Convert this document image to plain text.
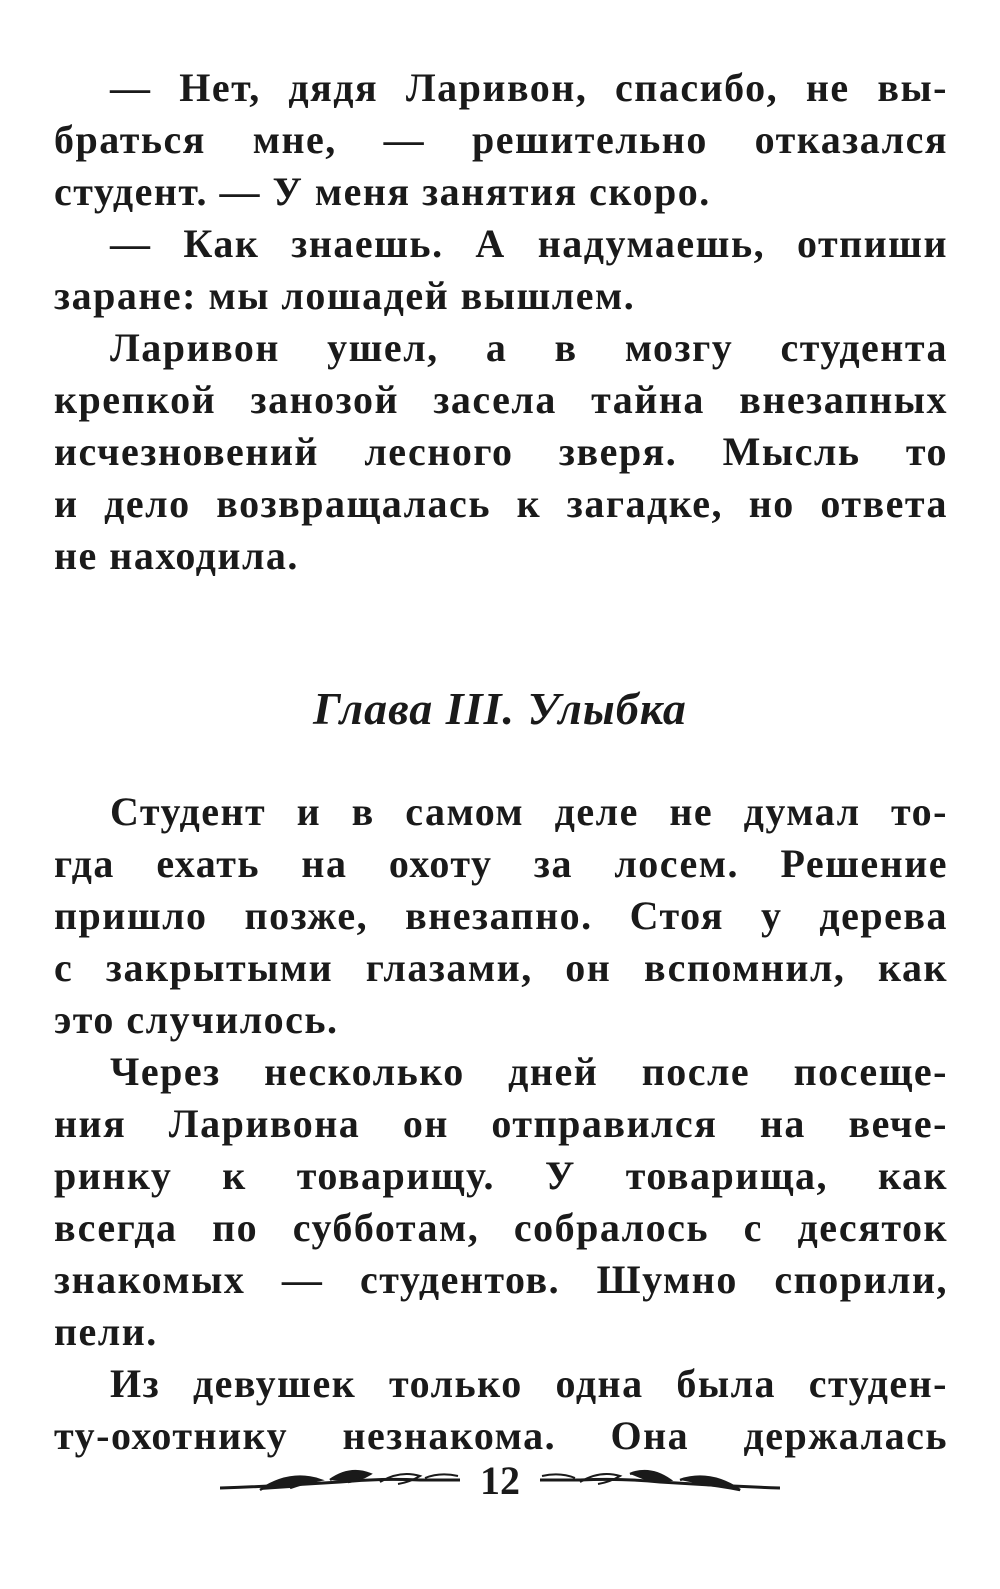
— Нет, дядя Ларивон, спасибо, не вы-
браться мне, — решительно отказался
студент. — У меня занятия скоро.
— Как знаешь. А надумаешь, отпиши
заране: мы лошадей вышлем.
Ларивон ушел, а в мозгу студента
крепкой занозой засела тайна внезапных
исчезновений лесного зверя. Мысль то
и дело возвращалась к загадке, но ответа
не находила.
Глава III. Улыбка
Студент и в самом деле не думал то-
гда ехать на охоту за лосем. Решение
пришло позже, внезапно. Стоя у дерева
с закрытыми глазами, он вспомнил, как
это случилось.
Через несколько дней после посеще-
ния Ларивона он отправился на вече-
ринку к товарищу. У товарища, как
всегда по субботам, собралось с десяток
знакомых — студентов. Шумно спорили,
пели.
Из девушек только одна была студен-
ту-охотнику незнакома. Она держалась
12
